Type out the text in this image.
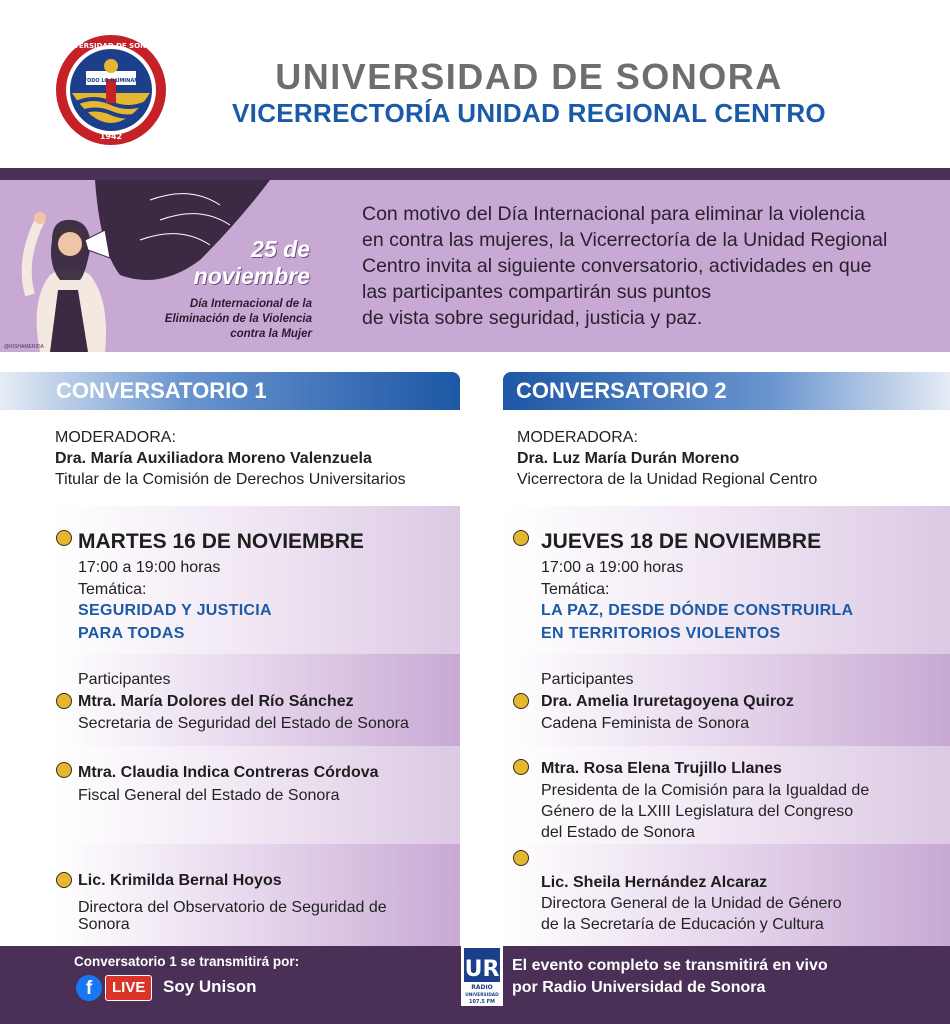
UNIVERSIDAD DE SONORA
TODO LO ILUMINAN
1942
UNIVERSIDAD DE SONORA
VICERRECTORÍA UNIDAD REGIONAL CENTRO
25 de
noviembre
Día Internacional de la
Eliminación de la Violencia
contra la Mujer
@RISHAMERIDA
Con motivo del Día Internacional para eliminar la violencia
en contra las mujeres, la Vicerrectoría de la Unidad Regional
Centro invita al siguiente conversatorio, actividades en que
las participantes compartirán sus puntos
de vista sobre seguridad, justicia y paz.
CONVERSATORIO 1	CONVERSATORIO 2
MODERADORA:
Dra. María Auxiliadora Moreno Valenzuela
Titular de la Comisión de Derechos Universitarios
MODERADORA:
Dra. Luz María Durán Moreno
Vicerrectora de la Unidad Regional Centro
MARTES 16 DE NOVIEMBRE
17:00 a 19:00 horas
Temática:
SEGURIDAD Y JUSTICIA
PARA TODAS
Participantes
Mtra. María Dolores del Río Sánchez
Secretaria de Seguridad del Estado de Sonora
Mtra. Claudia Indica Contreras Córdova
Fiscal General del Estado de Sonora
Lic. Krimilda Bernal Hoyos
Directora del Observatorio de Seguridad de
Sonora
JUEVES 18 DE NOVIEMBRE
17:00 a 19:00 horas
Temática:
LA PAZ, DESDE DÓNDE CONSTRUIRLA
EN TERRITORIOS VIOLENTOS
Participantes
Dra. Amelia Iruretagoyena Quiroz
Cadena Feminista de Sonora
Mtra. Rosa Elena Trujillo Llanes
Presidenta de la Comisión para la Igualdad de
Género de la LXIII Legislatura del Congreso
del Estado de Sonora
Lic. Sheila Hernández Alcaraz
Directora General de la Unidad de Género
de la Secretaría de Educación y Cultura
Conversatorio 1 se transmitirá por:
f	LIVE	Soy Unison
UR
RADIO
UNIVERSIDAD
107.5 FM
El evento completo se transmitirá en vivo
por Radio Universidad de Sonora
